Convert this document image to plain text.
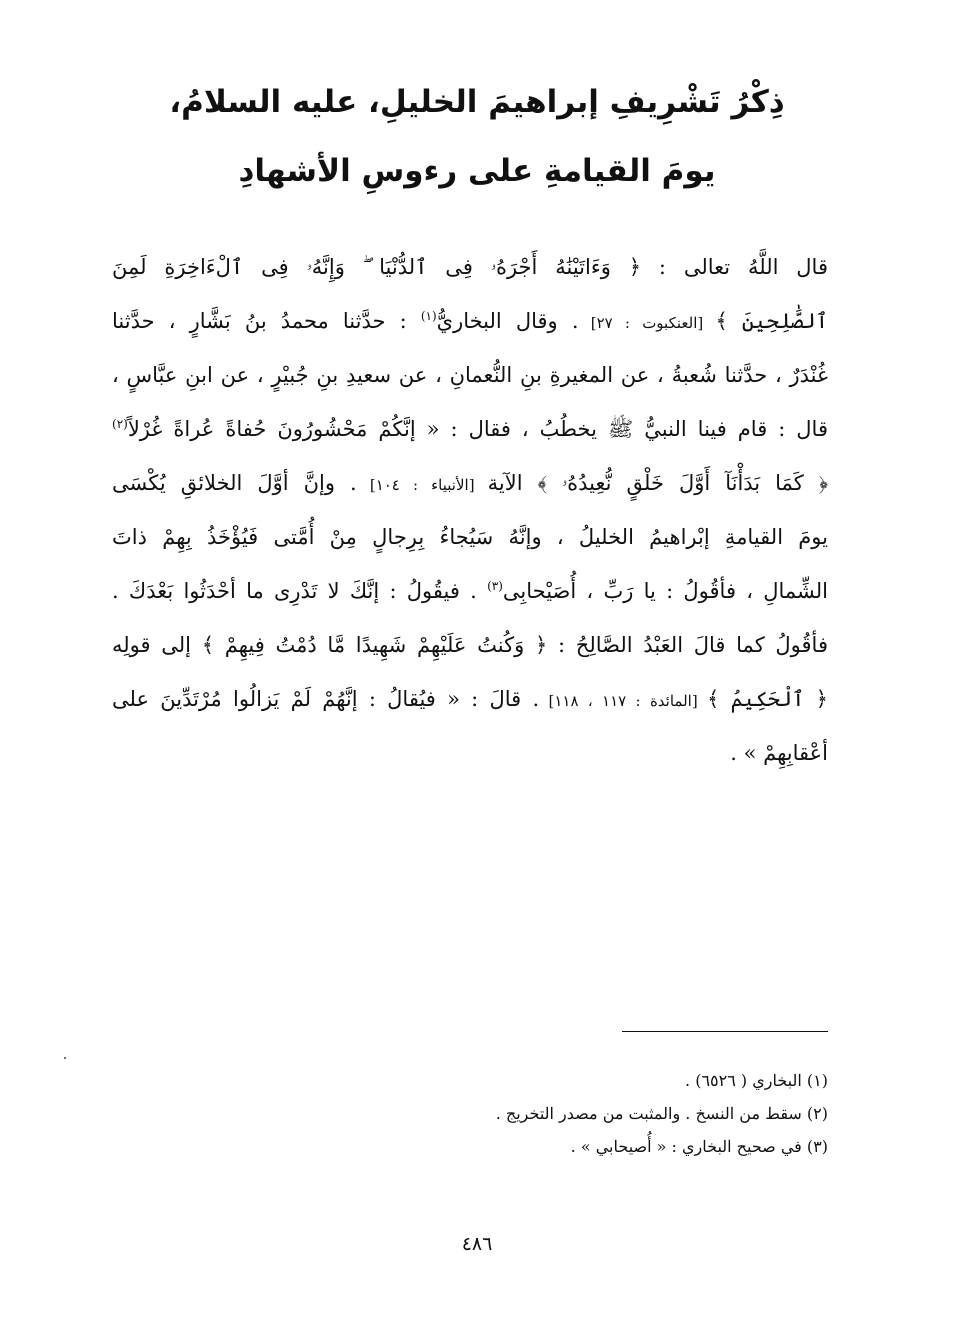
ذِكْرُ تَشْرِيفِ إبراهيمَ الخليلِ، عليه السلامُ،
يومَ القيامةِ على رءوسِ الأشهادِ
قال اللَّهُ تعالى : ﴿ وَءَاتَيْنَٰهُ أَجْرَهُۥ فِى ٱلدُّنْيَا ۖ وَإِنَّهُۥ فِى ٱلْءَاخِرَةِ لَمِنَ
ٱلصَّٰلِحِينَ ﴾ [العنكبوت : ٢٧] . وقال البخاريُّ$^{(١)}$ : حدَّثنا محمدُ بنُ بَشَّارٍ ، حدَّثنا
غُنْدَرٌ ، حدَّثنا شُعبةُ ، عن المغيرةِ بنِ النُّعمانِ ، عن سعيدِ بنِ جُبيْرٍ ، عن ابنِ عبَّاسٍ ،
قال : قام فينا النبيُّ ﷺ يخطُبُ ، فقال : « إنَّكُمْ مَحْشُورُونَ حُفاةً عُراةً غُرْلاً$^{(٢)}$
﴿ كَمَا بَدَأْنَآ أَوَّلَ خَلْقٍ نُّعِيدُهُۥ ﴾ الآية [الأنبياء : ١٠٤] . وإنَّ أوَّلَ الخلائقِ يُكْسَى
يومَ القيامةِ إبْراهيمُ الخليلُ ، وإنَّهُ سَيُجاءُ بِرِجالٍ مِنْ أُمَّتى فَيُؤْخَذُ بِهِمْ ذاتَ
الشِّمالِ ، فأقُولُ : يا رَبِّ ، أُصَيْحابِى$^{(٣)}$ . فيقُولُ : إنَّكَ لا تَدْرِى ما أحْدَثُوا بَعْدَكَ .
فأقُولُ كما قالَ العَبْدُ الصَّالِحُ : ﴿ وَكُنتُ عَلَيْهِمْ شَهِيدًا مَّا دُمْتُ فِيهِمْ ﴾ إلى قولِه
﴿ ٱلْحَكِيمُ ﴾ [المائدة : ١١٧ ، ١١٨] . قالَ : « فيُقالُ : إنَّهُمْ لَمْ يَزالُوا مُرْتَدِّينَ على
أعْقابِهِمْ » .
(١) البخاري ( ٦٥٢٦) .
(٢) سقط من النسخ . والمثبت من مصدر التخريج .
(٣) في صحيح البخاري : « أُصيحابي » .
٤٨٦
